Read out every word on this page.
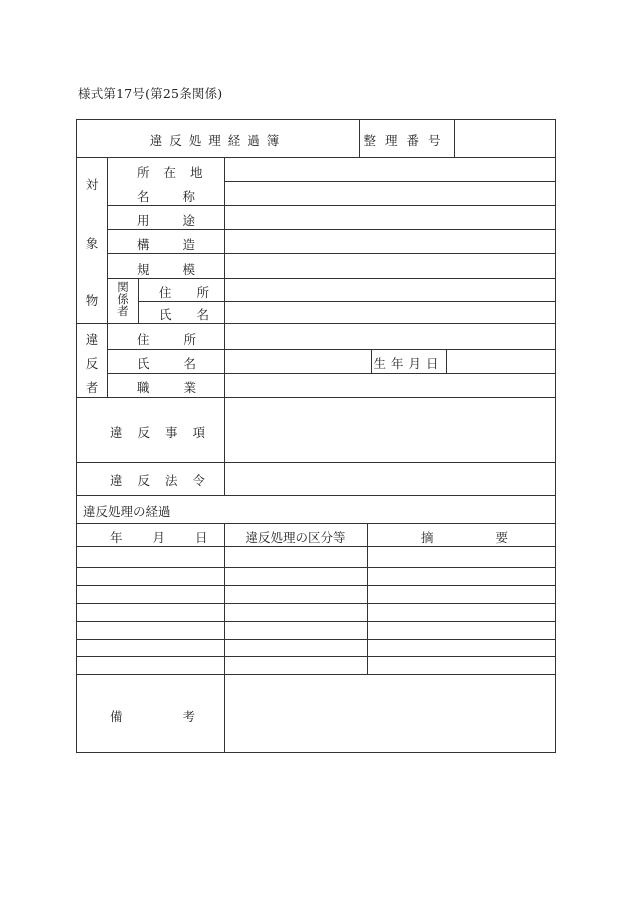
様式第17号(第25条関係)
違反処理経過簿	整理番号
対
象
物
所在地
名称
用途
構造
規模
関
係
者
住所
氏名
違
反
者
住所
氏名
職業
生年月日
違反事項
違反法令
違反処理の経過
年月日 違反処理の区分等	摘要
備考
